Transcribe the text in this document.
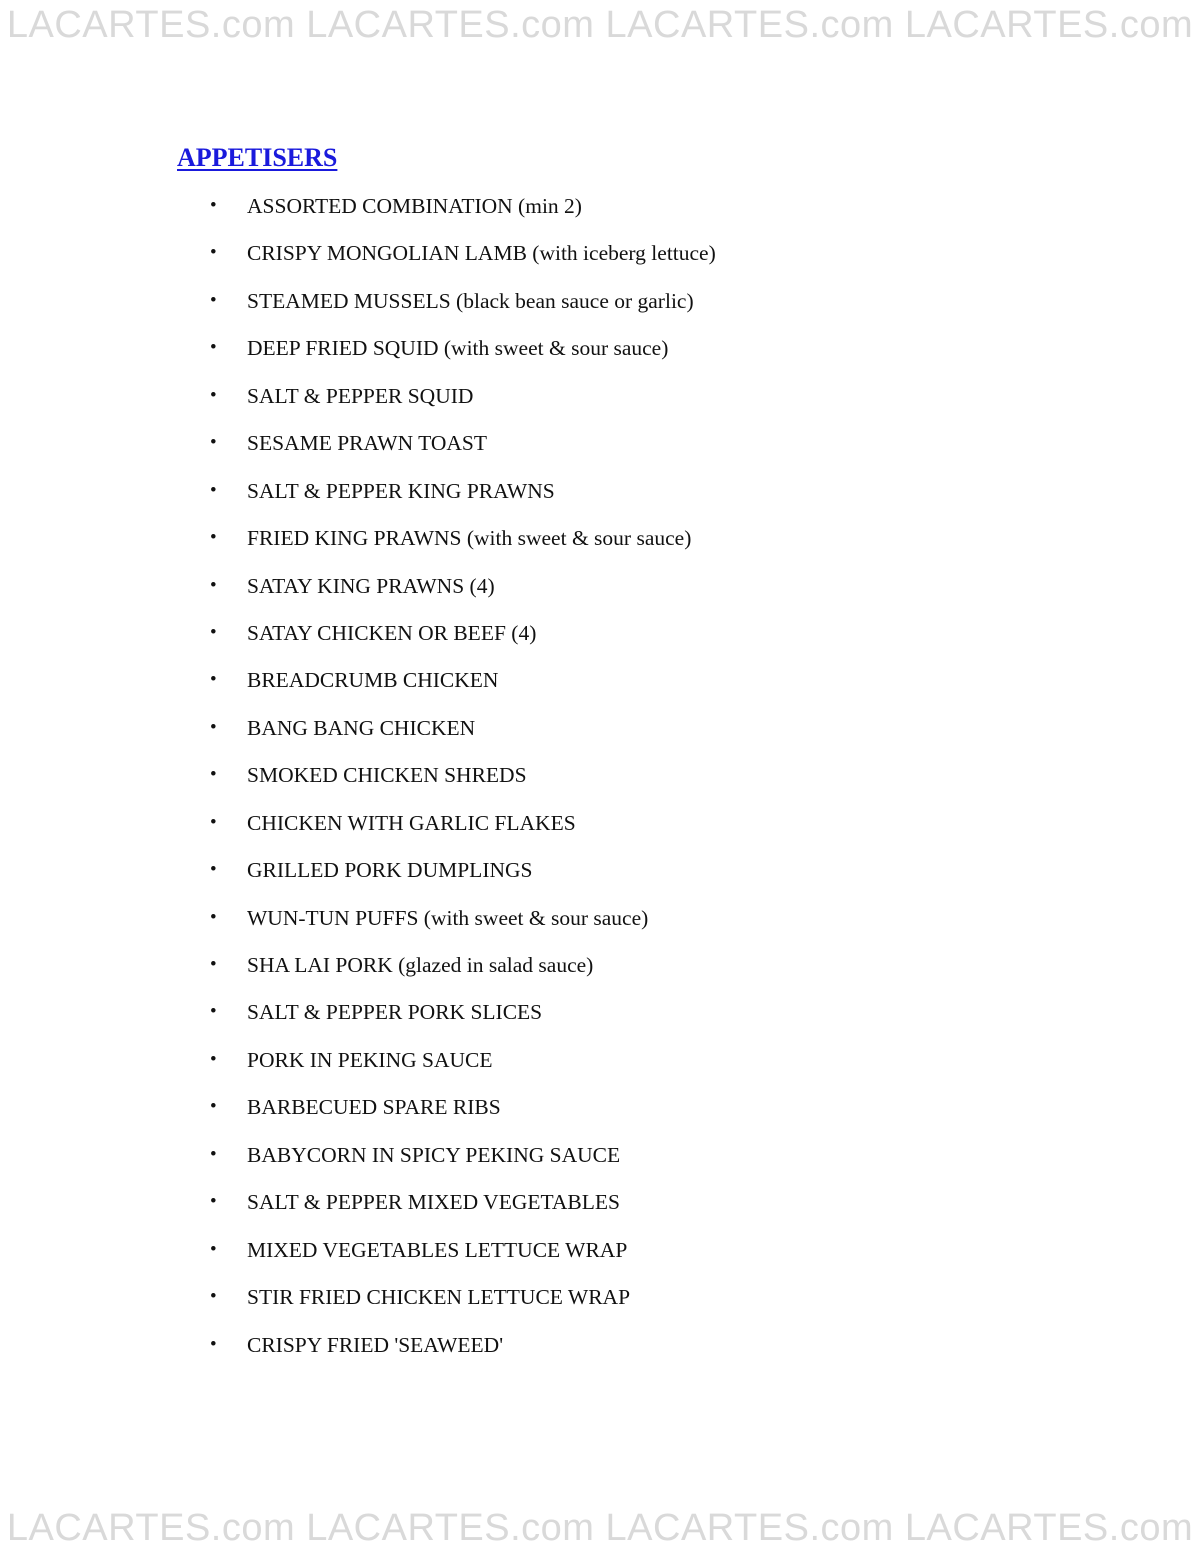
LACARTES.com LACARTES.com LACARTES.com LACARTES.com
APPETISERS
• ASSORTED COMBINATION (min 2)
• CRISPY MONGOLIAN LAMB (with iceberg lettuce)
• STEAMED MUSSELS (black bean sauce or garlic)
• DEEP FRIED SQUID (with sweet & sour sauce)
• SALT & PEPPER SQUID
• SESAME PRAWN TOAST
• SALT & PEPPER KING PRAWNS
• FRIED KING PRAWNS (with sweet & sour sauce)
• SATAY KING PRAWNS (4)
• SATAY CHICKEN OR BEEF (4)
• BREADCRUMB CHICKEN
• BANG BANG CHICKEN
• SMOKED CHICKEN SHREDS
• CHICKEN WITH GARLIC FLAKES
• GRILLED PORK DUMPLINGS
• WUN-TUN PUFFS (with sweet & sour sauce)
• SHA LAI PORK (glazed in salad sauce)
• SALT & PEPPER PORK SLICES
• PORK IN PEKING SAUCE
• BARBECUED SPARE RIBS
• BABYCORN IN SPICY PEKING SAUCE
• SALT & PEPPER MIXED VEGETABLES
• MIXED VEGETABLES LETTUCE WRAP
• STIR FRIED CHICKEN LETTUCE WRAP
• CRISPY FRIED 'SEAWEED'
LACARTES.com LACARTES.com LACARTES.com LACARTES.com
